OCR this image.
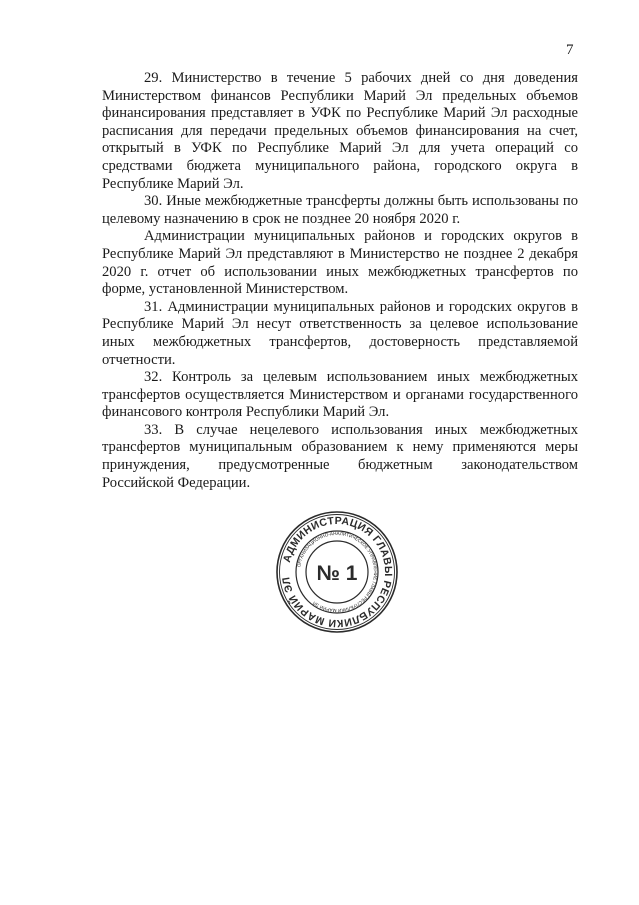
7

29. Министерство в течение 5 рабочих дней со дня доведения Министерством финансов Республики Марий Эл предельных объемов финансирования представляет в УФК по Республике Марий Эл расходные расписания для передачи предельных объемов финансирования на счет, открытый в УФК по Республике Марий Эл для учета операций со средствами бюджета муниципального района, городского округа в Республике Марий Эл.

30. Иные межбюджетные трансферты должны быть использованы по целевому назначению в срок не позднее 20 ноября 2020 г.

Администрации муниципальных районов и городских округов в Республике Марий Эл представляют в Министерство не позднее 2 декабря 2020 г. отчет об использовании иных межбюджетных трансфертов по форме, установленной Министерством.

31. Администрации муниципальных районов и городских округов в Республике Марий Эл несут ответственность за целевое использование иных межбюджетных трансфертов, достоверность представляемой отчетности.

32. Контроль за целевым использованием иных межбюджетных трансфертов осуществляется Министерством и органами государственного финансового контроля Республики Марий Эл.

33. В случае нецелевого использования иных межбюджетных трансфертов муниципальным образованием к нему применяются меры принуждения, предусмотренные бюджетным законодательством Российской Федерации.

АДМИНИСТРАЦИЯ ГЛАВЫ РЕСПУБЛИКИ МАРИЙ ЭЛ
ОРГАНИЗАЦИОННО-АНАЛИТИЧЕСКОЕ УПРАВЛЕНИЕ ГЛАВЫ РЕСПУБЛИКИ МАРИЙ ЭЛ
№ 1
